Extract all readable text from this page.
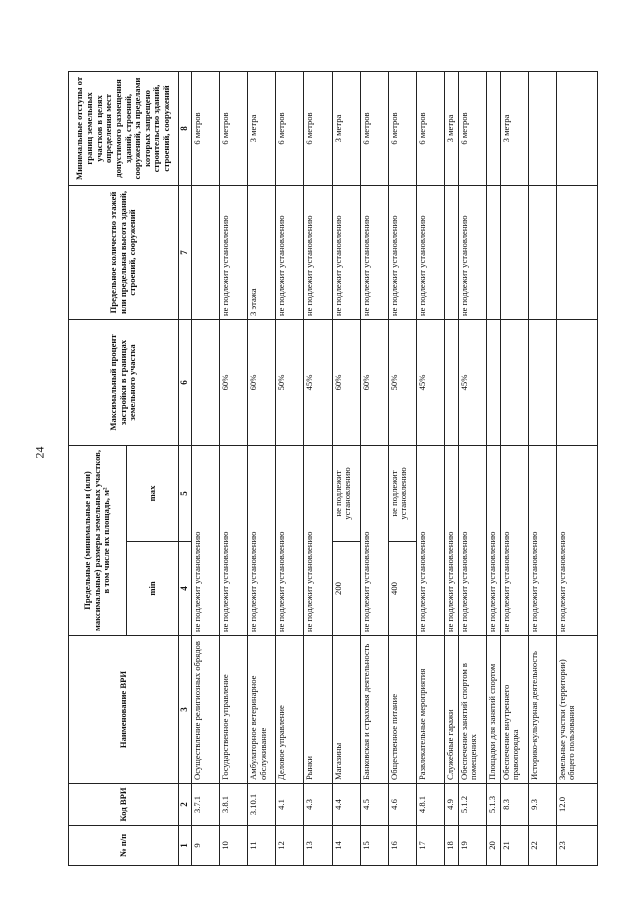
24
№ п/п	Код ВРИ	Наименование ВРИ	Предельные (минимальные и (или) максимальные) размеры земельных участков, в том числе их площадь, м²		Максимальный процент застройки в границах земельного участка	Предельное количество этажей или предельная высота зданий, строений, сооружений	Минимальные отступы от границ земельных участков в целях определения мест допустимого размещения зданий, строений, сооружений, за пределами которых запрещено строительство зданий, строений, сооружений
			min	max			
1	2	3	4	5	6	7	8
9	3.7.1	Осуществление религиозных обрядов	не подлежит установлению				6 метров
10	3.8.1	Государственное управление	не подлежит установлению		60%	не подлежит установлению	6 метров
11	3.10.1	Амбулаторное ветеринарное обслуживание	не подлежит установлению		60%	3 этажа	3 метра
12	4.1	Деловое управление	не подлежит установлению		50%	не подлежит установлению	6 метров
13	4.3	Рынки	не подлежит установлению		45%	не подлежит установлению	6 метров
14	4.4	Магазины	200	не подлежит установлению	60%	не подлежит установлению	3 метра
15	4.5	Банковская и страховая деятельность	не подлежит установлению		60%	не подлежит установлению	6 метров
16	4.6	Общественное питание	400	не подлежит установлению	50%	не подлежит установлению	6 метров
17	4.8.1	Развлекательные мероприятия	не подлежит установлению		45%	не подлежит установлению	6 метров
18	4.9	Служебные гаражи	не подлежит установлению				3 метра
19	5.1.2	Обеспечение занятий спортом в помещениях	не подлежит установлению		45%	не подлежит установлению	6 метров
20	5.1.3	Площадки для занятий спортом	не подлежит установлению				
21	8.3	Обеспечение внутреннего правопорядка	не подлежит установлению				3 метра
22	9.3	Историко-культурная деятельность	не подлежит установлению				
23	12.0	Земельные участки (территории) общего пользования	не подлежит установлению				
